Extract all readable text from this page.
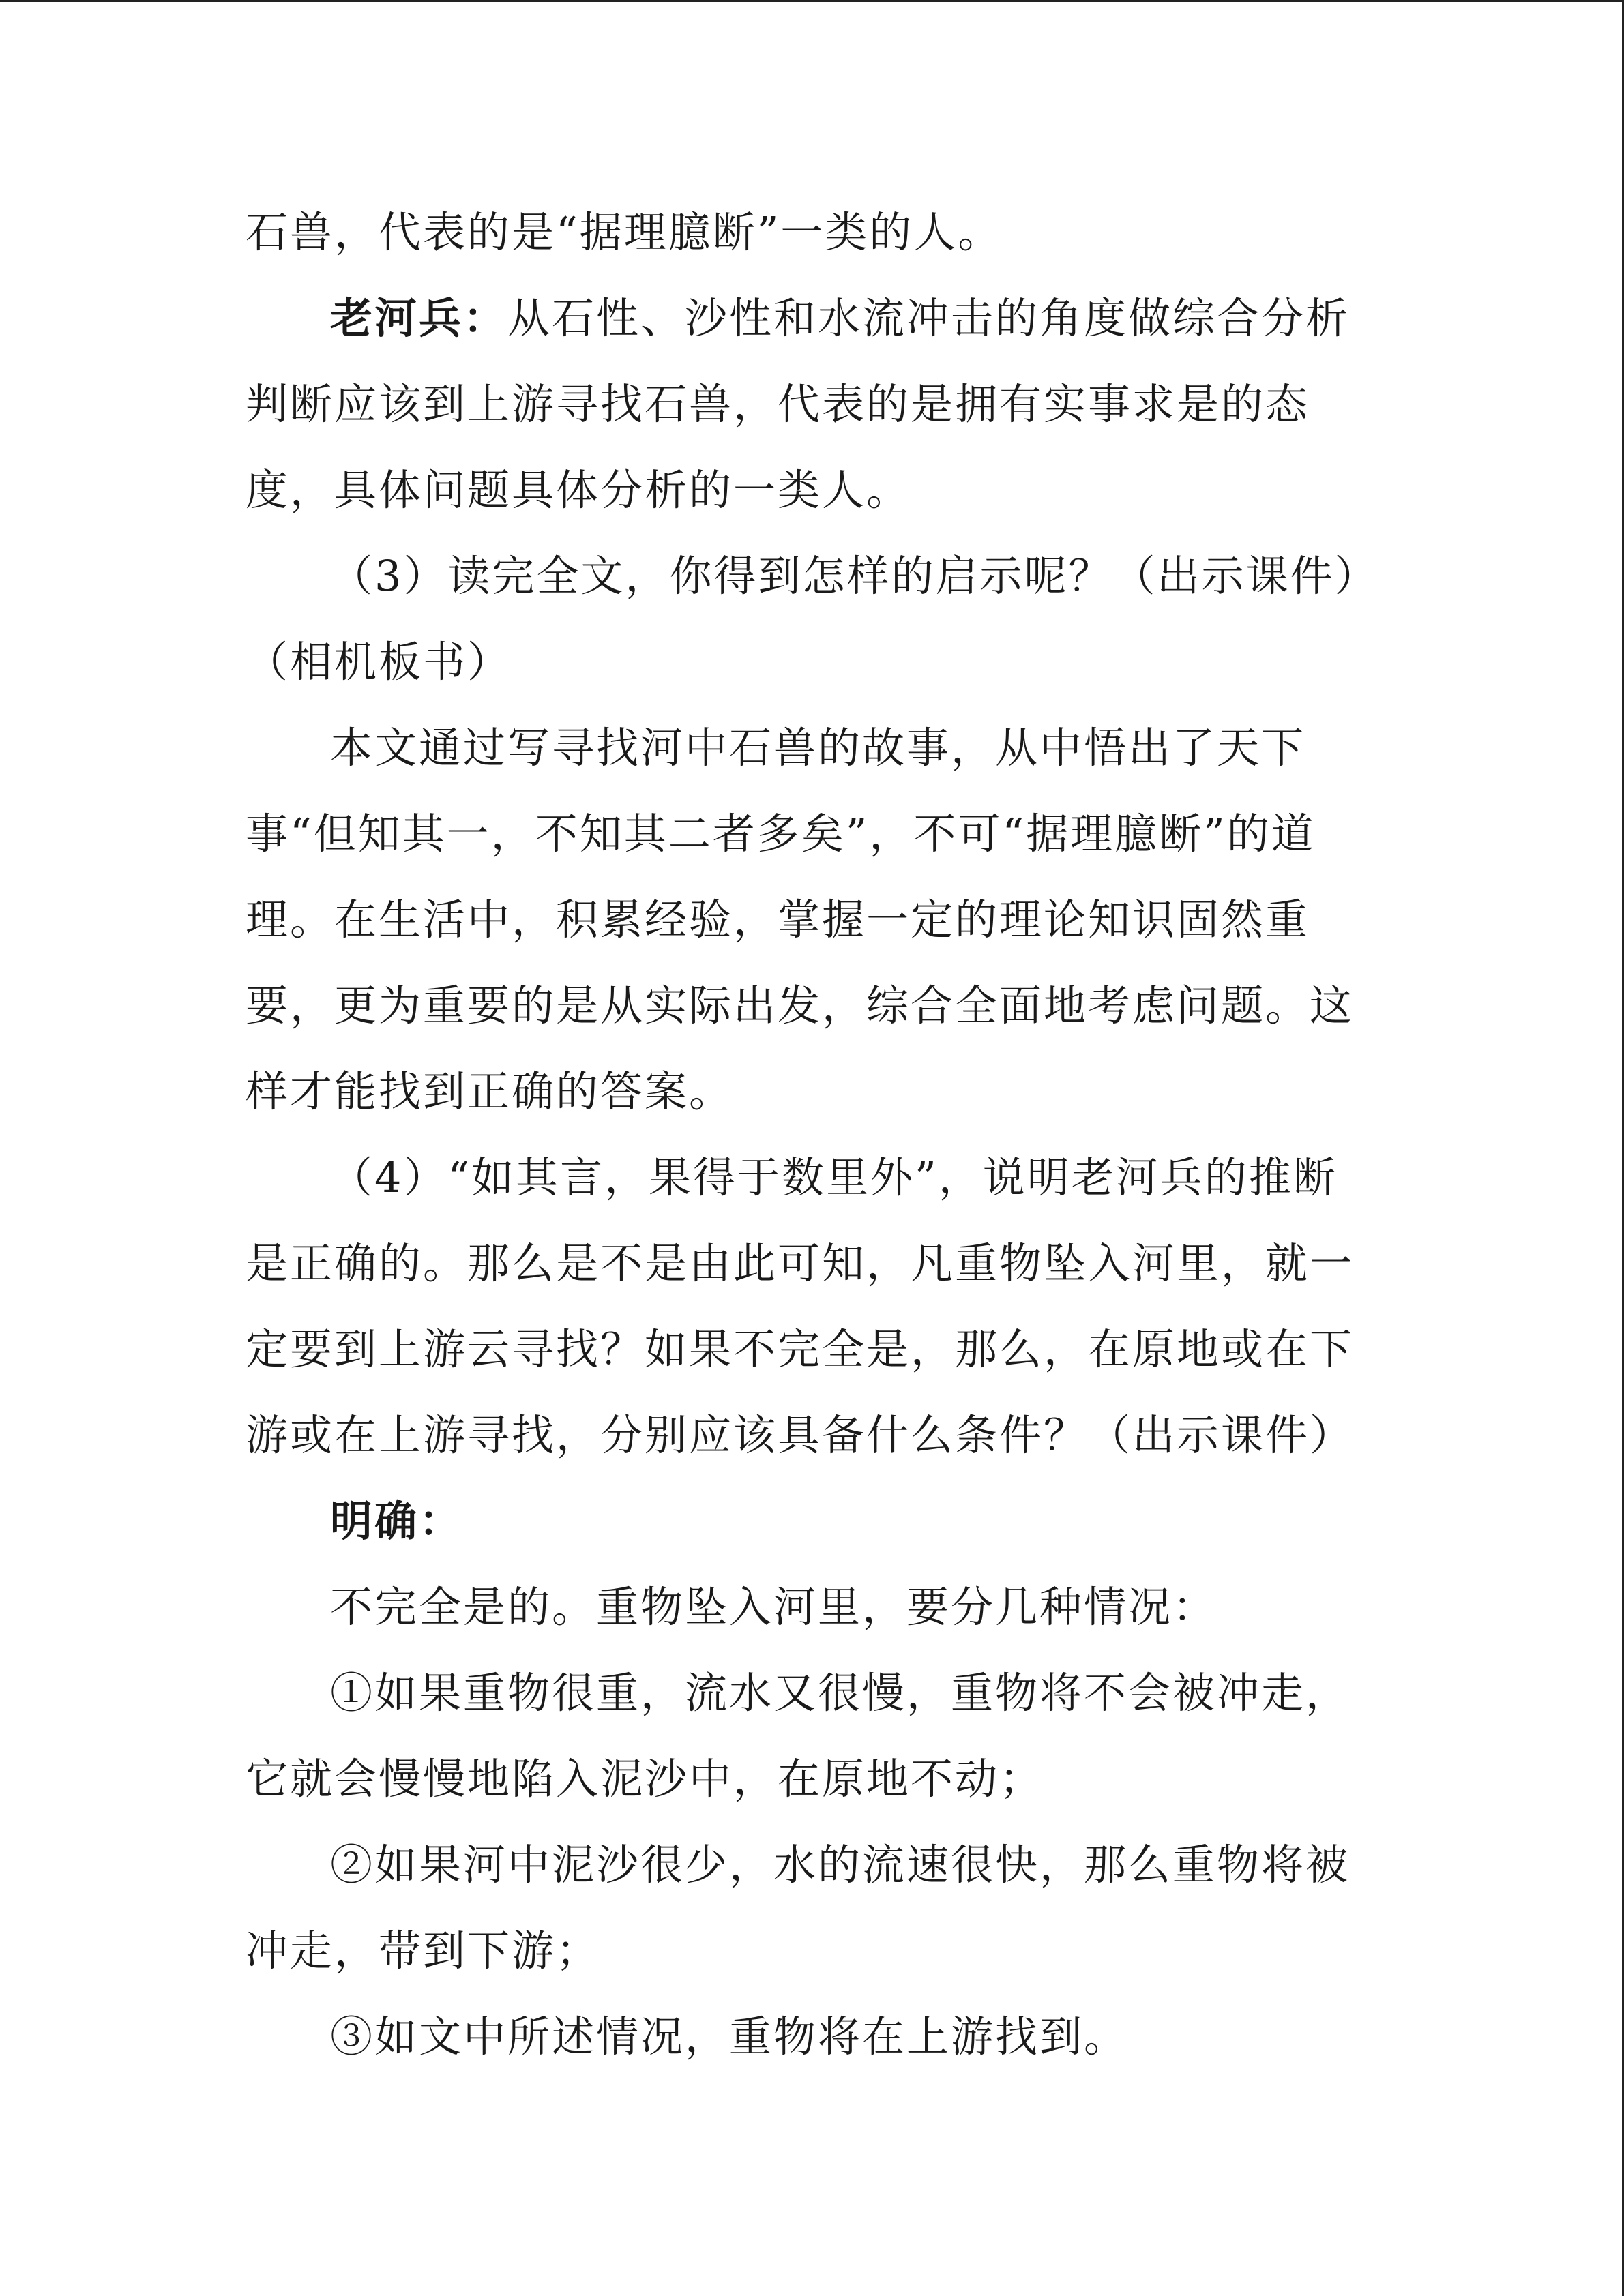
石兽，代表的是“据理臆断”一类的人。

老河兵：从石性、沙性和水流冲击的角度做综合分析判断应该到上游寻找石兽，代表的是拥有实事求是的态度，具体问题具体分析的一类人。

（3）读完全文，你得到怎样的启示呢？（出示课件）（相机板书）

本文通过写寻找河中石兽的故事，从中悟出了天下事“但知其一，不知其二者多矣”，不可“据理臆断”的道理。在生活中，积累经验，掌握一定的理论知识固然重要，更为重要的是从实际出发，综合全面地考虑问题。这样才能找到正确的答案。

（4）“如其言，果得于数里外”，说明老河兵的推断是正确的。那么是不是由此可知，凡重物坠入河里，就一定要到上游云寻找？如果不完全是，那么，在原地或在下游或在上游寻找，分别应该具备什么条件？（出示课件）

明确：

不完全是的。重物坠入河里，要分几种情况：

①如果重物很重，流水又很慢，重物将不会被冲走，它就会慢慢地陷入泥沙中，在原地不动；

②如果河中泥沙很少，水的流速很快，那么重物将被冲走，带到下游；

③如文中所述情况，重物将在上游找到。
